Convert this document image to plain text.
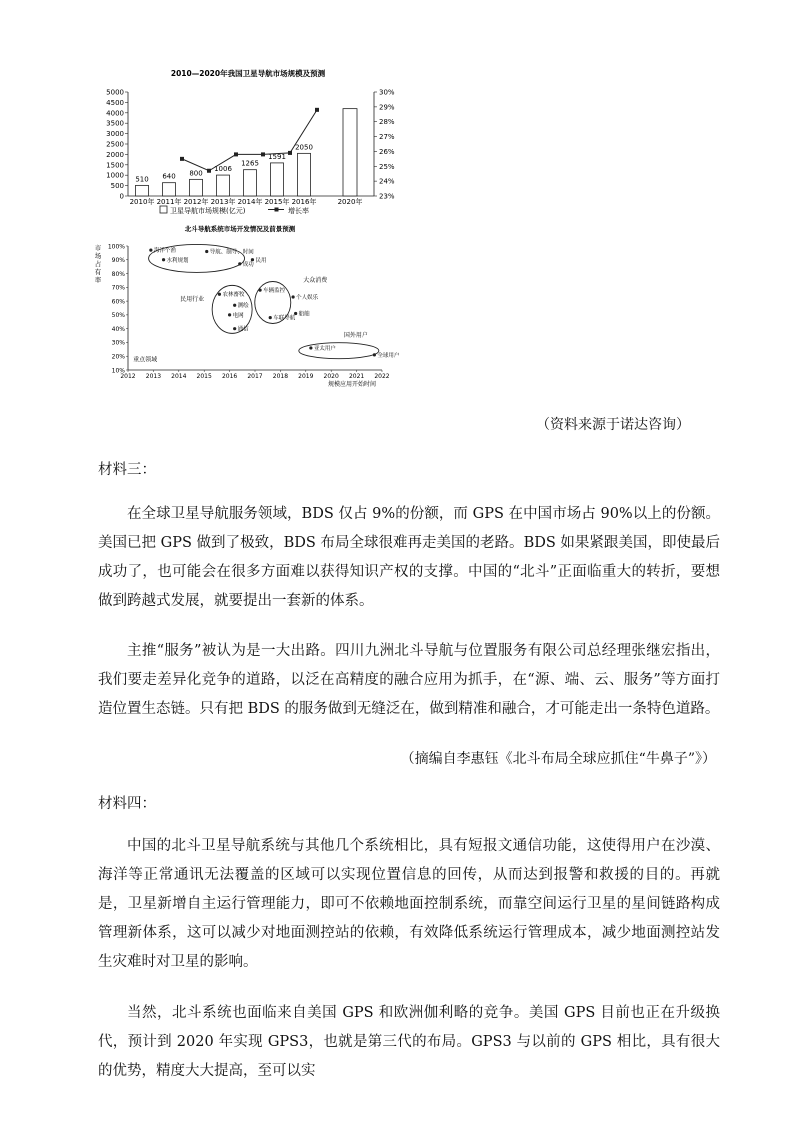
2010—2020年我国卫星导航市场规模及预测
0
500
1000
1500
2000
2500
3000
3500
4000
4500
5000
23%
24%
25%
26%
27%
28%
29%
30%
510
2010年
640
2011年
800
2012年
1006
2013年
1265
2014年
1591
2015年
2050
2016年	2020年
卫星导航市场规模(亿元)	增长率
北斗导航系统市场开发情况及前景预测
10%
20%
30%
40%
50%
60%
70%
80%
90%
100%
2012 2013 2014 2015 2016 2017 2018 2019 2020 2021 2022
市
场
占
有
率
规模应用开始时间
民用行业
大众消费
国外用户
重点领域
海洋个渔	导航、制导、时间
民用
水利规划
成功
车辆监控
个人娱乐
农林畜牧
测绘
电网	船舶
车联导航
通信
亚太用户
全球用户
（资料来源于诺达咨询）
材料三：

在全球卫星导航服务领域，BDS 仅占 9%的份额，而 GPS 在中国市场占 90%以上的份额。美国已把 GPS 做到了极致，BDS 布局全球很难再走美国的老路。BDS 如果紧跟美国，即使最后成功了，也可能会在很多方面难以获得知识产权的支撑。中国的“北斗”正面临重大的转折，要想做到跨越式发展，就要提出一套新的体系。

主推“服务”被认为是一大出路。四川九洲北斗导航与位置服务有限公司总经理张继宏指出，我们要走差异化竞争的道路，以泛在高精度的融合应用为抓手，在“源、端、云、服务”等方面打造位置生态链。只有把 BDS 的服务做到无缝泛在，做到精准和融合，才可能走出一条特色道路。

（摘编自李惠钰《北斗布局全球应抓住“牛鼻子”》）
材料四：

中国的北斗卫星导航系统与其他几个系统相比，具有短报文通信功能，这使得用户在沙漠、海洋等正常通讯无法覆盖的区域可以实现位置信息的回传，从而达到报警和救援的目的。再就是，卫星新增自主运行管理能力，即可不依赖地面控制系统，而靠空间运行卫星的星间链路构成管理新体系，这可以减少对地面测控站的依赖，有效降低系统运行管理成本，减少地面测控站发生灾难时对卫星的影响。

当然，北斗系统也面临来自美国 GPS 和欧洲伽利略的竞争。美国 GPS 目前也正在升级换代，预计到 2020 年实现 GPS3，也就是第三代的布局。GPS3 与以前的 GPS 相比，具有很大的优势，精度大大提高，至可以实
